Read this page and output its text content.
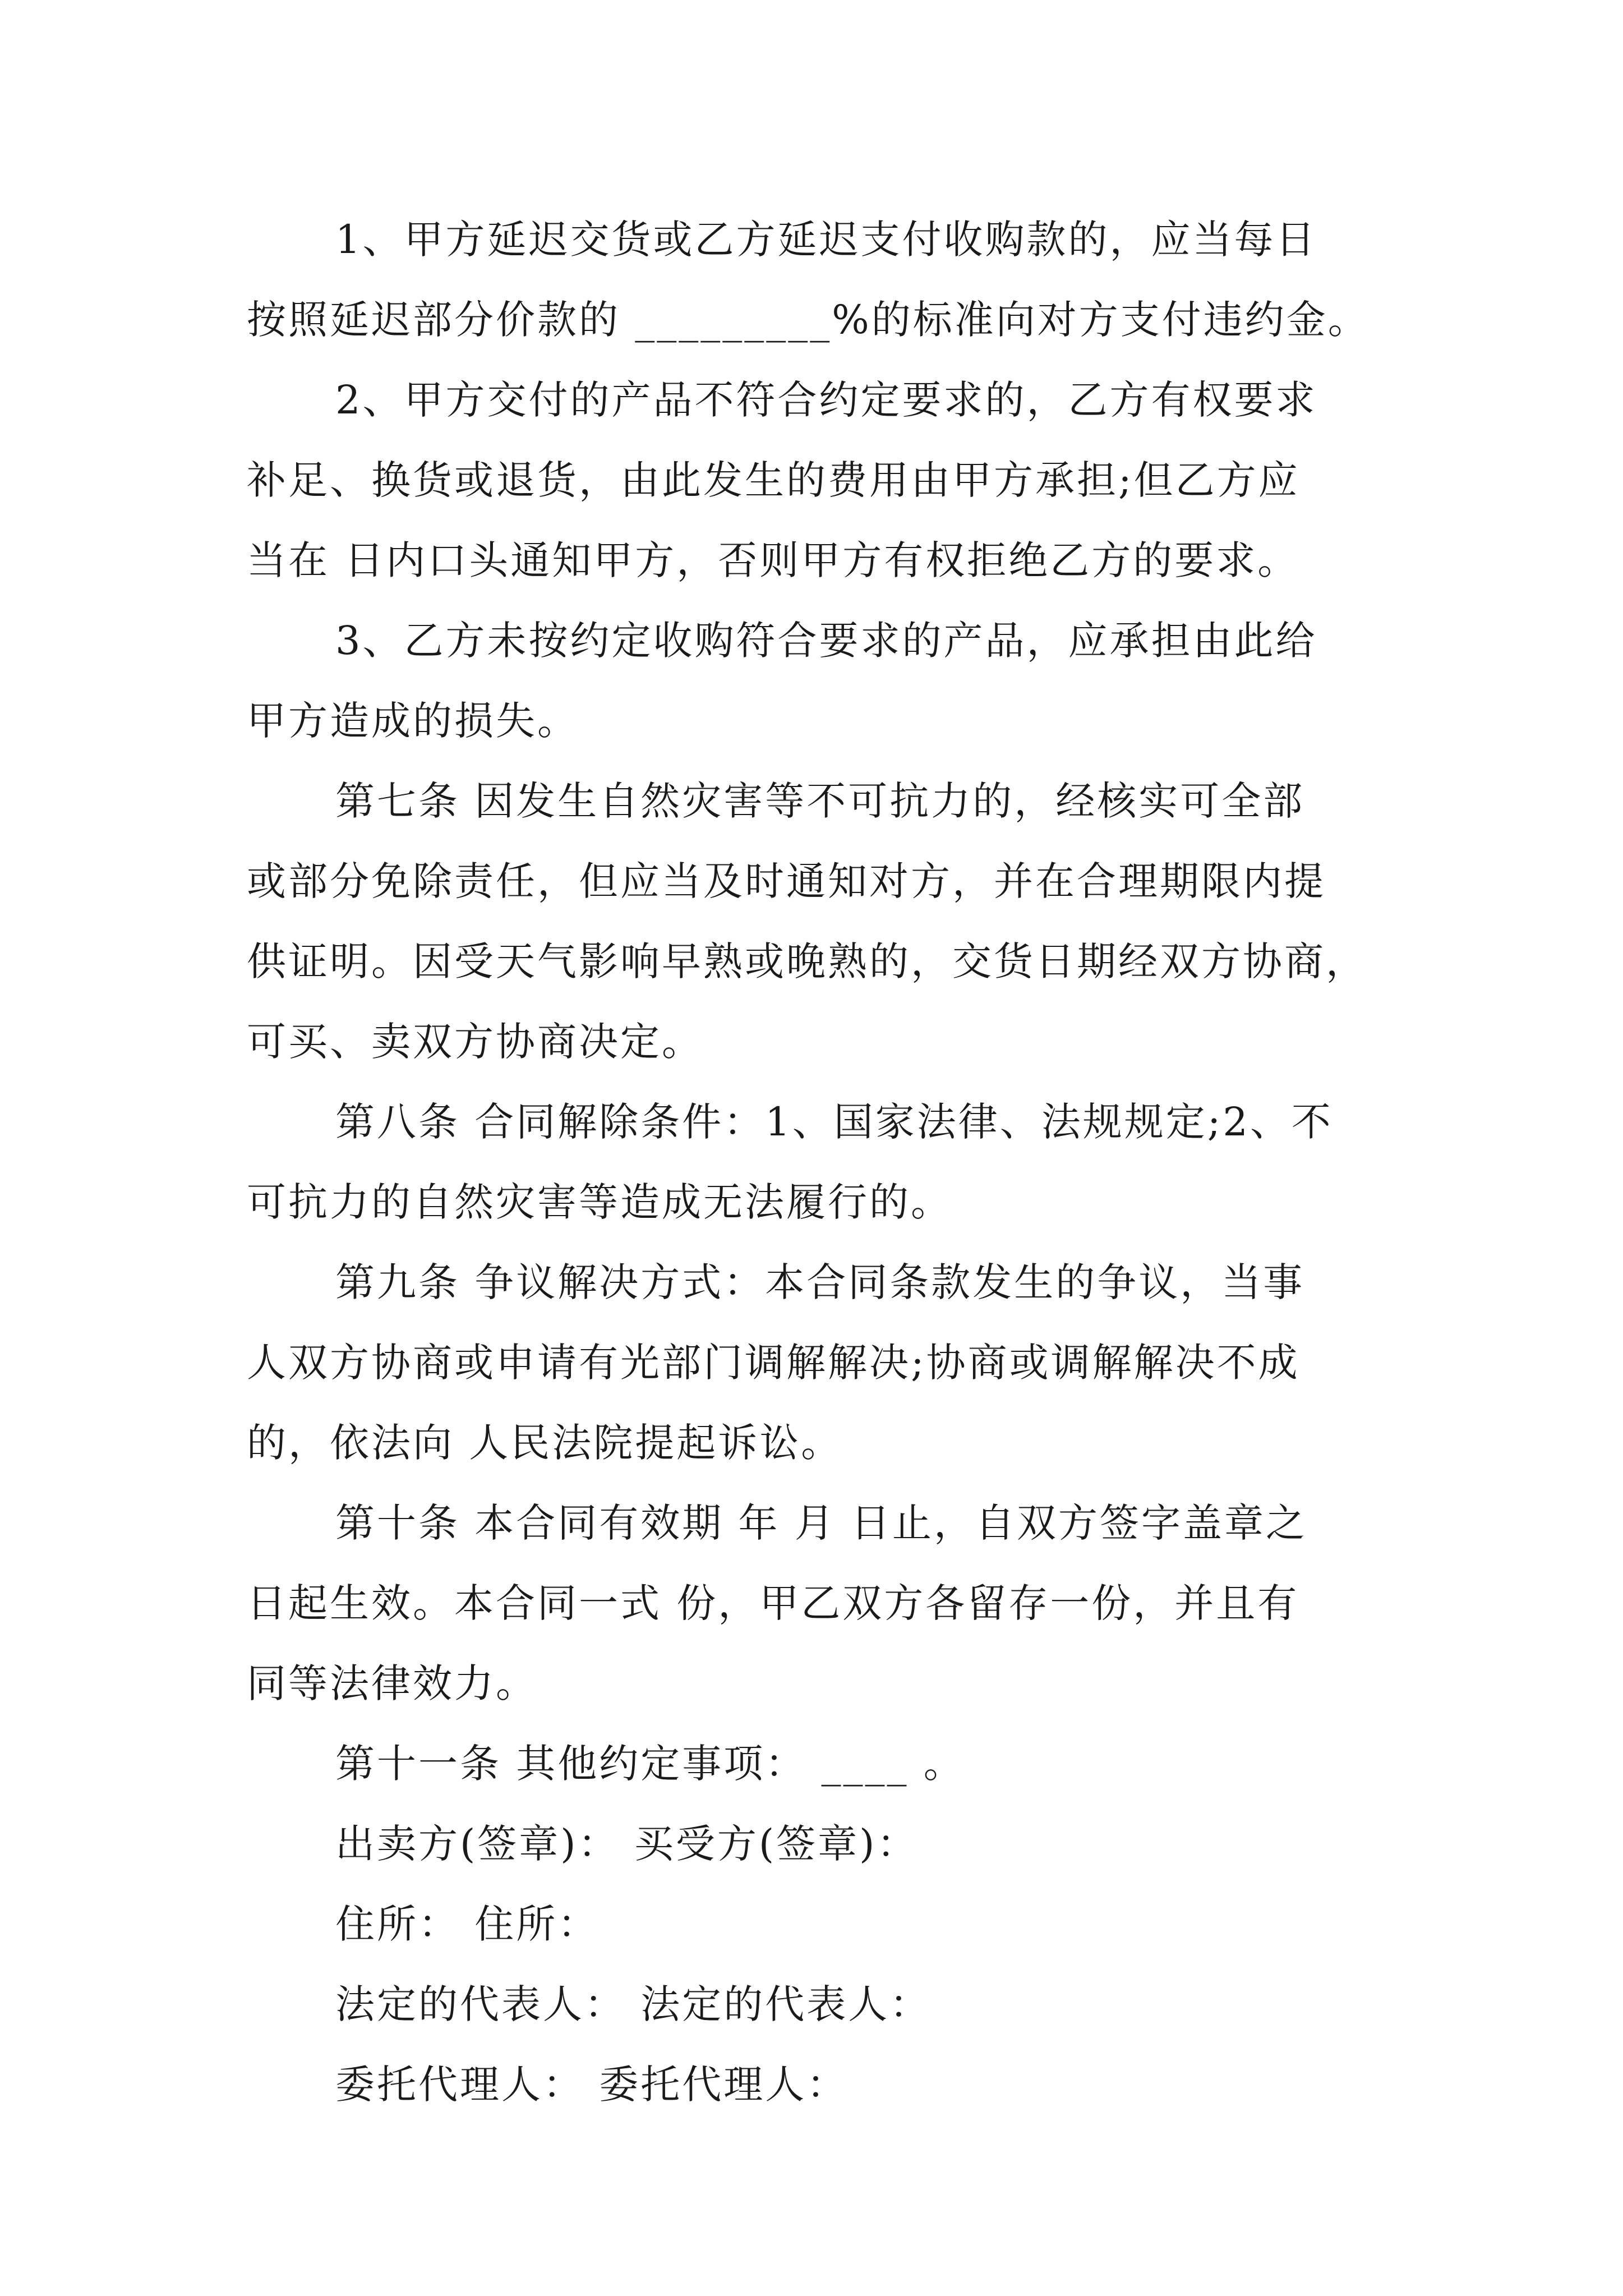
1、甲方延迟交货或乙方延迟支付收购款的，应当每日
按照延迟部分价款的 _________%的标准向对方支付违约金。
2、甲方交付的产品不符合约定要求的，乙方有权要求
补足、换货或退货，由此发生的费用由甲方承担;但乙方应
当在 日内口头通知甲方，否则甲方有权拒绝乙方的要求。
3、乙方未按约定收购符合要求的产品，应承担由此给
甲方造成的损失。
第七条 因发生自然灾害等不可抗力的，经核实可全部
或部分免除责任，但应当及时通知对方，并在合理期限内提
供证明。因受天气影响早熟或晚熟的，交货日期经双方协商，
可买、卖双方协商决定。
第八条 合同解除条件：1、国家法律、法规规定;2、不
可抗力的自然灾害等造成无法履行的。
第九条 争议解决方式：本合同条款发生的争议，当事
人双方协商或申请有光部门调解解决;协商或调解解决不成
的，依法向 人民法院提起诉讼。
第十条 本合同有效期 年 月 日止，自双方签字盖章之
日起生效。本合同一式 份，甲乙双方各留存一份，并且有
同等法律效力。
第十一条 其他约定事项： ____ 。
出卖方(签章)： 买受方(签章)：
住所： 住所：
法定的代表人： 法定的代表人：
委托代理人： 委托代理人：
